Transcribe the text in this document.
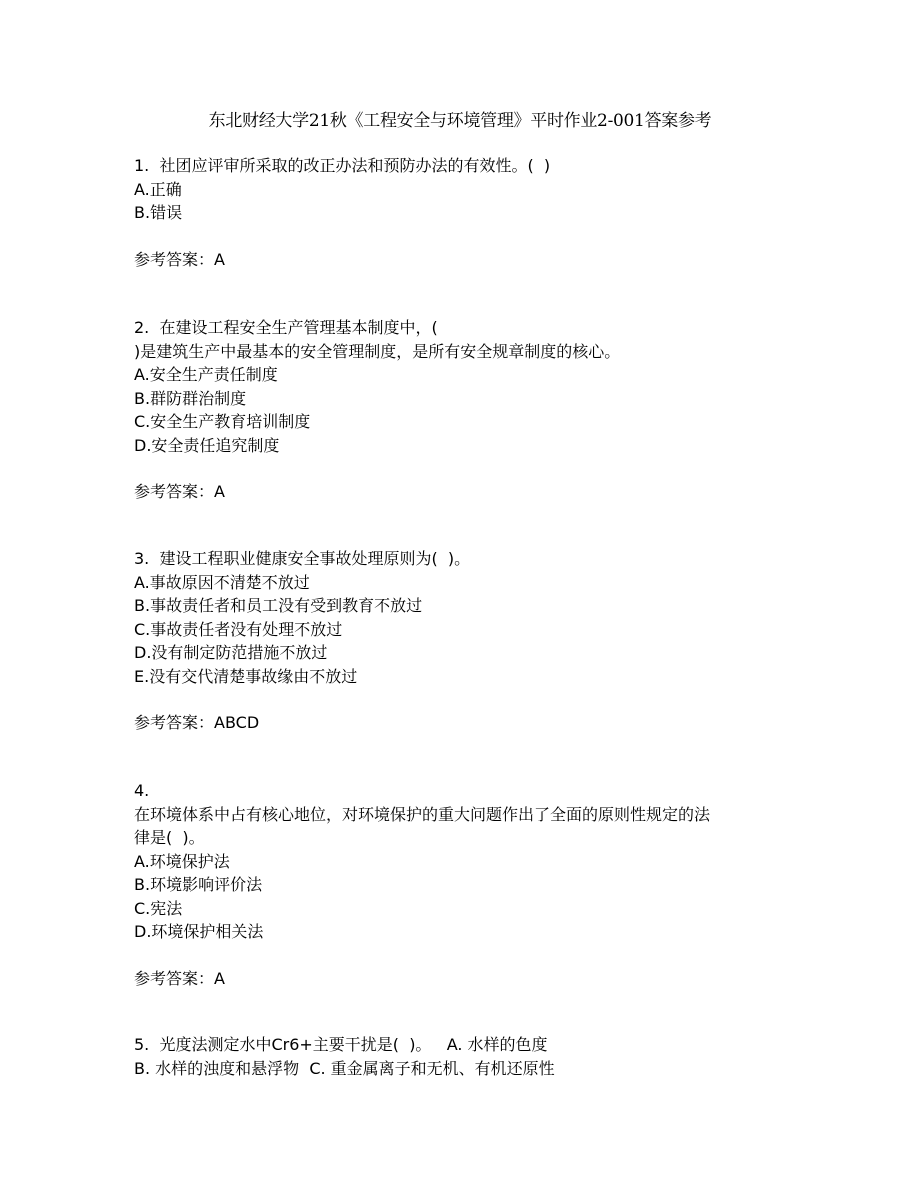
东北财经大学21秋《工程安全与环境管理》平时作业2-001答案参考
1.  社团应评审所采取的改正办法和预防办法的有效性。(  )
A.正确
B.错误
参考答案：A
2.  在建设工程安全生产管理基本制度中，(
)是建筑生产中最基本的安全管理制度，是所有安全规章制度的核心。
A.安全生产责任制度
B.群防群治制度
C.安全生产教育培训制度
D.安全责任追究制度
参考答案：A
3.  建设工程职业健康安全事故处理原则为(  )。
A.事故原因不清楚不放过
B.事故责任者和员工没有受到教育不放过
C.事故责任者没有处理不放过
D.没有制定防范措施不放过
E.没有交代清楚事故缘由不放过
参考答案：ABCD
4.
在环境体系中占有核心地位，对环境保护的重大问题作出了全面的原则性规定的法
律是(  )。
A.环境保护法
B.环境影响评价法
C.宪法
D.环境保护相关法
参考答案：A
5.  光度法测定水中Cr6+主要干扰是(  )。   A. 水样的色度
B. 水样的浊度和悬浮物  C. 重金属离子和无机、有机还原性
